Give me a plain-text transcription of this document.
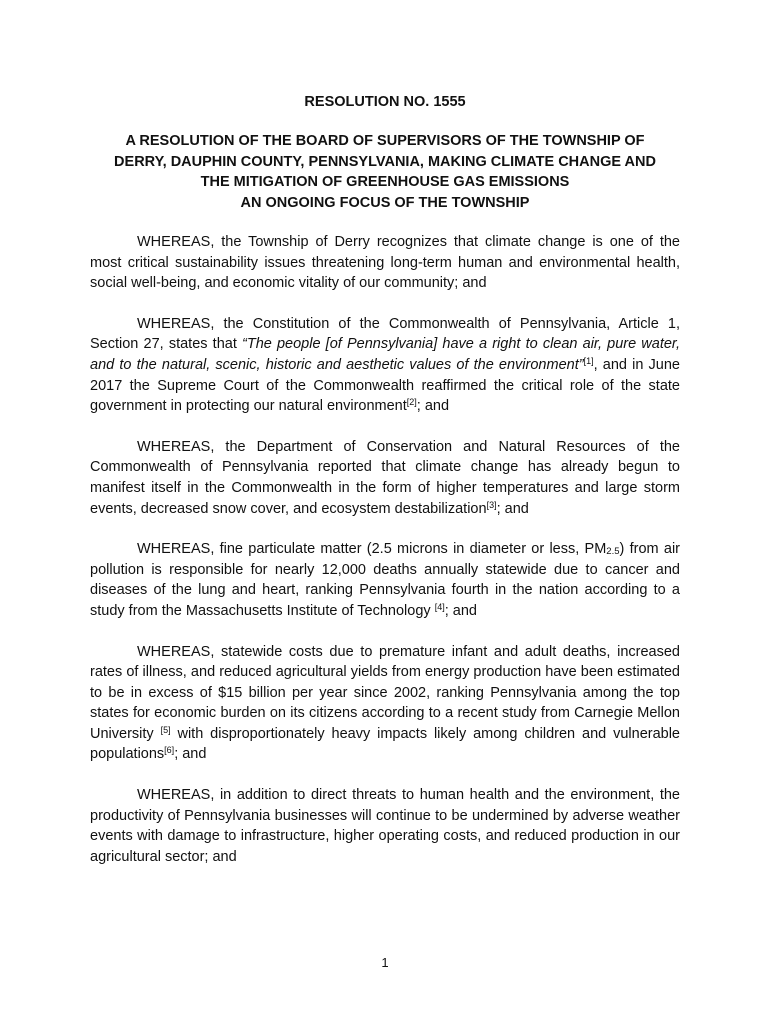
RESOLUTION NO. 1555
A RESOLUTION OF THE BOARD OF SUPERVISORS OF THE TOWNSHIP OF
DERRY, DAUPHIN COUNTY, PENNSYLVANIA, MAKING CLIMATE CHANGE AND
THE MITIGATION OF GREENHOUSE GAS EMISSIONS
AN ONGOING FOCUS OF THE TOWNSHIP

WHEREAS, the Township of Derry recognizes that climate change is one of the most critical sustainability issues threatening long-term human and environmental health, social well-being, and economic vitality of our community; and

WHEREAS, the Constitution of the Commonwealth of Pennsylvania, Article 1, Section 27, states that “The people [of Pennsylvania] have a right to clean air, pure water, and to the natural, scenic, historic and aesthetic values of the environment”[1], and in June 2017 the Supreme Court of the Commonwealth reaffirmed the critical role of the state government in protecting our natural environment[2]; and

WHEREAS, the Department of Conservation and Natural Resources of the Commonwealth of Pennsylvania reported that climate change has already begun to manifest itself in the Commonwealth in the form of higher temperatures and large storm events, decreased snow cover, and ecosystem destabilization[3]; and

WHEREAS, fine particulate matter (2.5 microns in diameter or less, $PM_{2.5}$) from air pollution is responsible for nearly 12,000 deaths annually statewide due to cancer and diseases of the lung and heart, ranking Pennsylvania fourth in the nation according to a study from the Massachusetts Institute of Technology [4]; and

WHEREAS, statewide costs due to premature infant and adult deaths, increased rates of illness, and reduced agricultural yields from energy production have been estimated to be in excess of $15 billion per year since 2002, ranking Pennsylvania among the top states for economic burden on its citizens according to a recent study from Carnegie Mellon University [5] with disproportionately heavy impacts likely among children and vulnerable populations[6]; and

WHEREAS, in addition to direct threats to human health and the environment, the productivity of Pennsylvania businesses will continue to be undermined by adverse weather events with damage to infrastructure, higher operating costs, and reduced production in our agricultural sector; and

1
